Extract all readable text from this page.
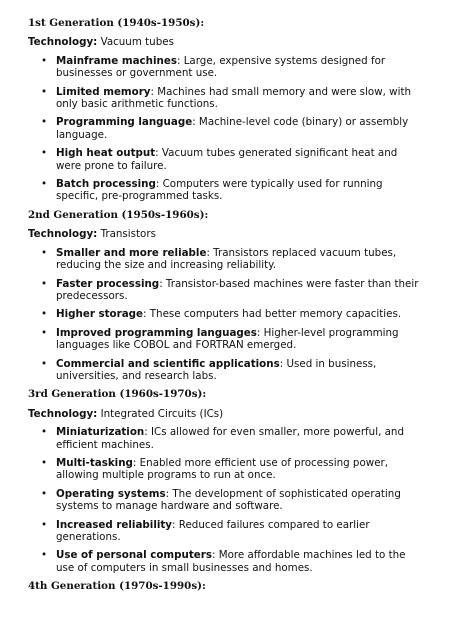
1st Generation (1940s-1950s):
Technology: Vacuum tubes
• Mainframe machines: Large, expensive systems designed for businesses or government use.
• Limited memory: Machines had small memory and were slow, with only basic arithmetic functions.
• Programming language: Machine-level code (binary) or assembly language.
• High heat output: Vacuum tubes generated significant heat and were prone to failure.
• Batch processing: Computers were typically used for running specific, pre-programmed tasks.
2nd Generation (1950s-1960s):
Technology: Transistors
• Smaller and more reliable: Transistors replaced vacuum tubes, reducing the size and increasing reliability.
• Faster processing: Transistor-based machines were faster than their predecessors.
• Higher storage: These computers had better memory capacities.
• Improved programming languages: Higher-level programming languages like COBOL and FORTRAN emerged.
• Commercial and scientific applications: Used in business, universities, and research labs.
3rd Generation (1960s-1970s):
Technology: Integrated Circuits (ICs)
• Miniaturization: ICs allowed for even smaller, more powerful, and efficient machines.
• Multi-tasking: Enabled more efficient use of processing power, allowing multiple programs to run at once.
• Operating systems: The development of sophisticated operating systems to manage hardware and software.
• Increased reliability: Reduced failures compared to earlier generations.
• Use of personal computers: More affordable machines led to the use of computers in small businesses and homes.
4th Generation (1970s-1990s):
